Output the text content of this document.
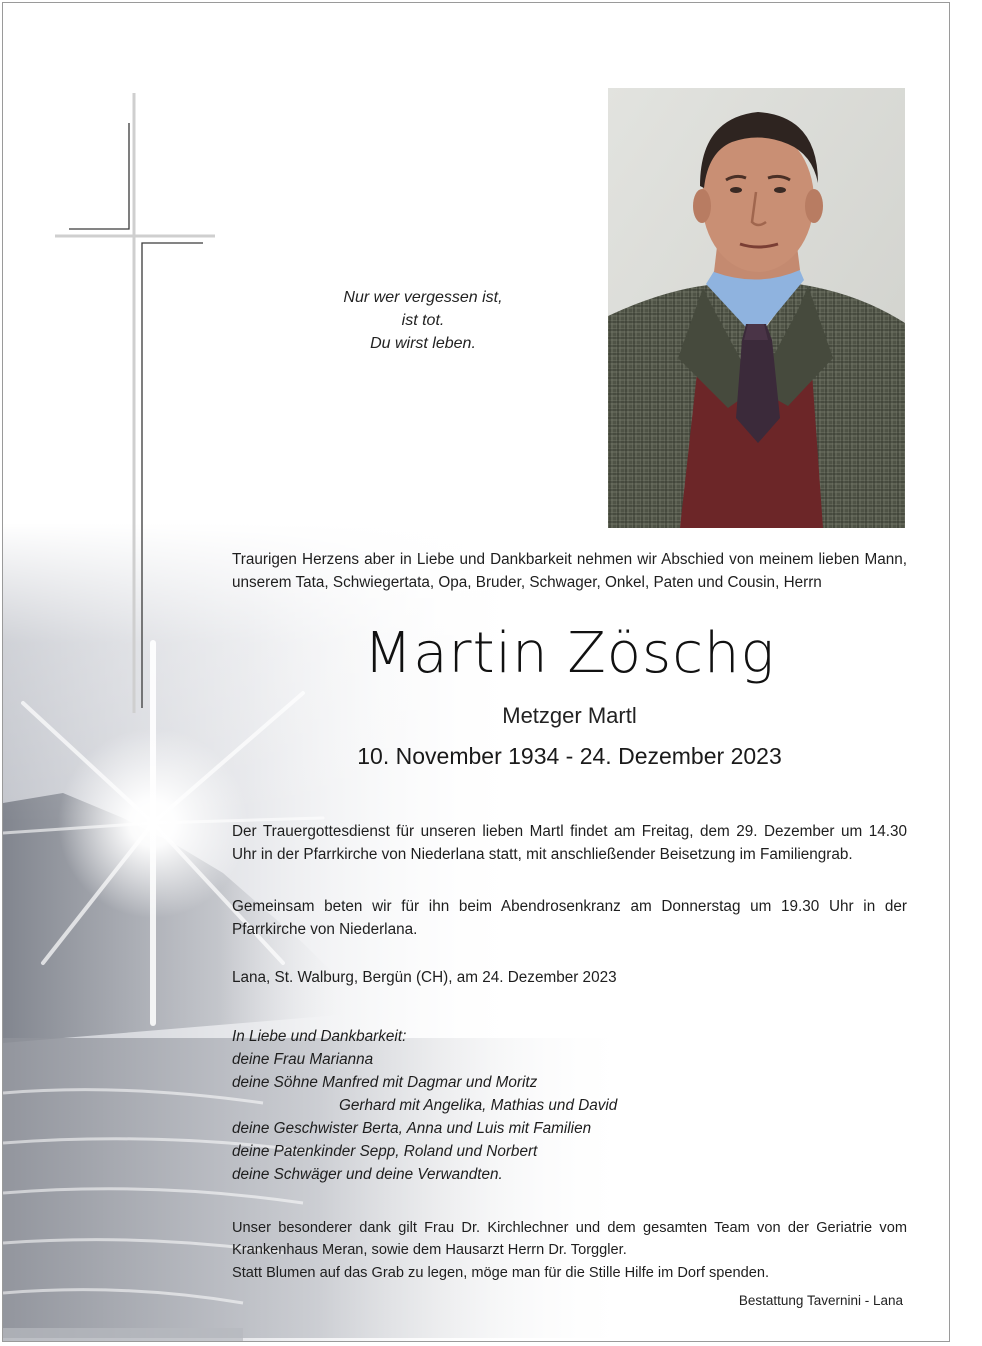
Nur wer vergessen ist,
ist tot.
Du wirst leben.
Traurigen Herzens aber in Liebe und Dankbarkeit nehmen wir Abschied von meinem lieben Mann, unserem Tata, Schwiegertata, Opa, Bruder, Schwager, Onkel, Paten und Cousin, Herrn
Martin Zöschg
Metzger Martl
10. November 1934 - 24. Dezember 2023
Der Trauergottesdienst für unseren lieben Martl findet am Freitag, dem 29. Dezember um 14.30 Uhr in der Pfarrkirche von Niederlana statt, mit anschließender Beisetzung im Familiengrab.
Gemeinsam beten wir für ihn beim Abendrosenkranz am Donnerstag um 19.30 Uhr in der Pfarrkirche von Niederlana.
Lana, St. Walburg, Bergün (CH), am 24. Dezember 2023
In Liebe und Dankbarkeit:
deine Frau Marianna
deine Söhne Manfred mit Dagmar und Moritz
Gerhard mit Angelika, Mathias und David
deine Geschwister Berta, Anna und Luis mit Familien
deine Patenkinder Sepp, Roland und Norbert
deine Schwäger und deine Verwandten.
Unser besonderer dank gilt Frau Dr. Kirchlechner und dem gesamten Team von der Geriatrie vom Krankenhaus Meran, sowie dem Hausarzt Herrn Dr. Torggler.
Statt Blumen auf das Grab zu legen, möge man für die Stille Hilfe im Dorf spenden.
Bestattung Tavernini - Lana
